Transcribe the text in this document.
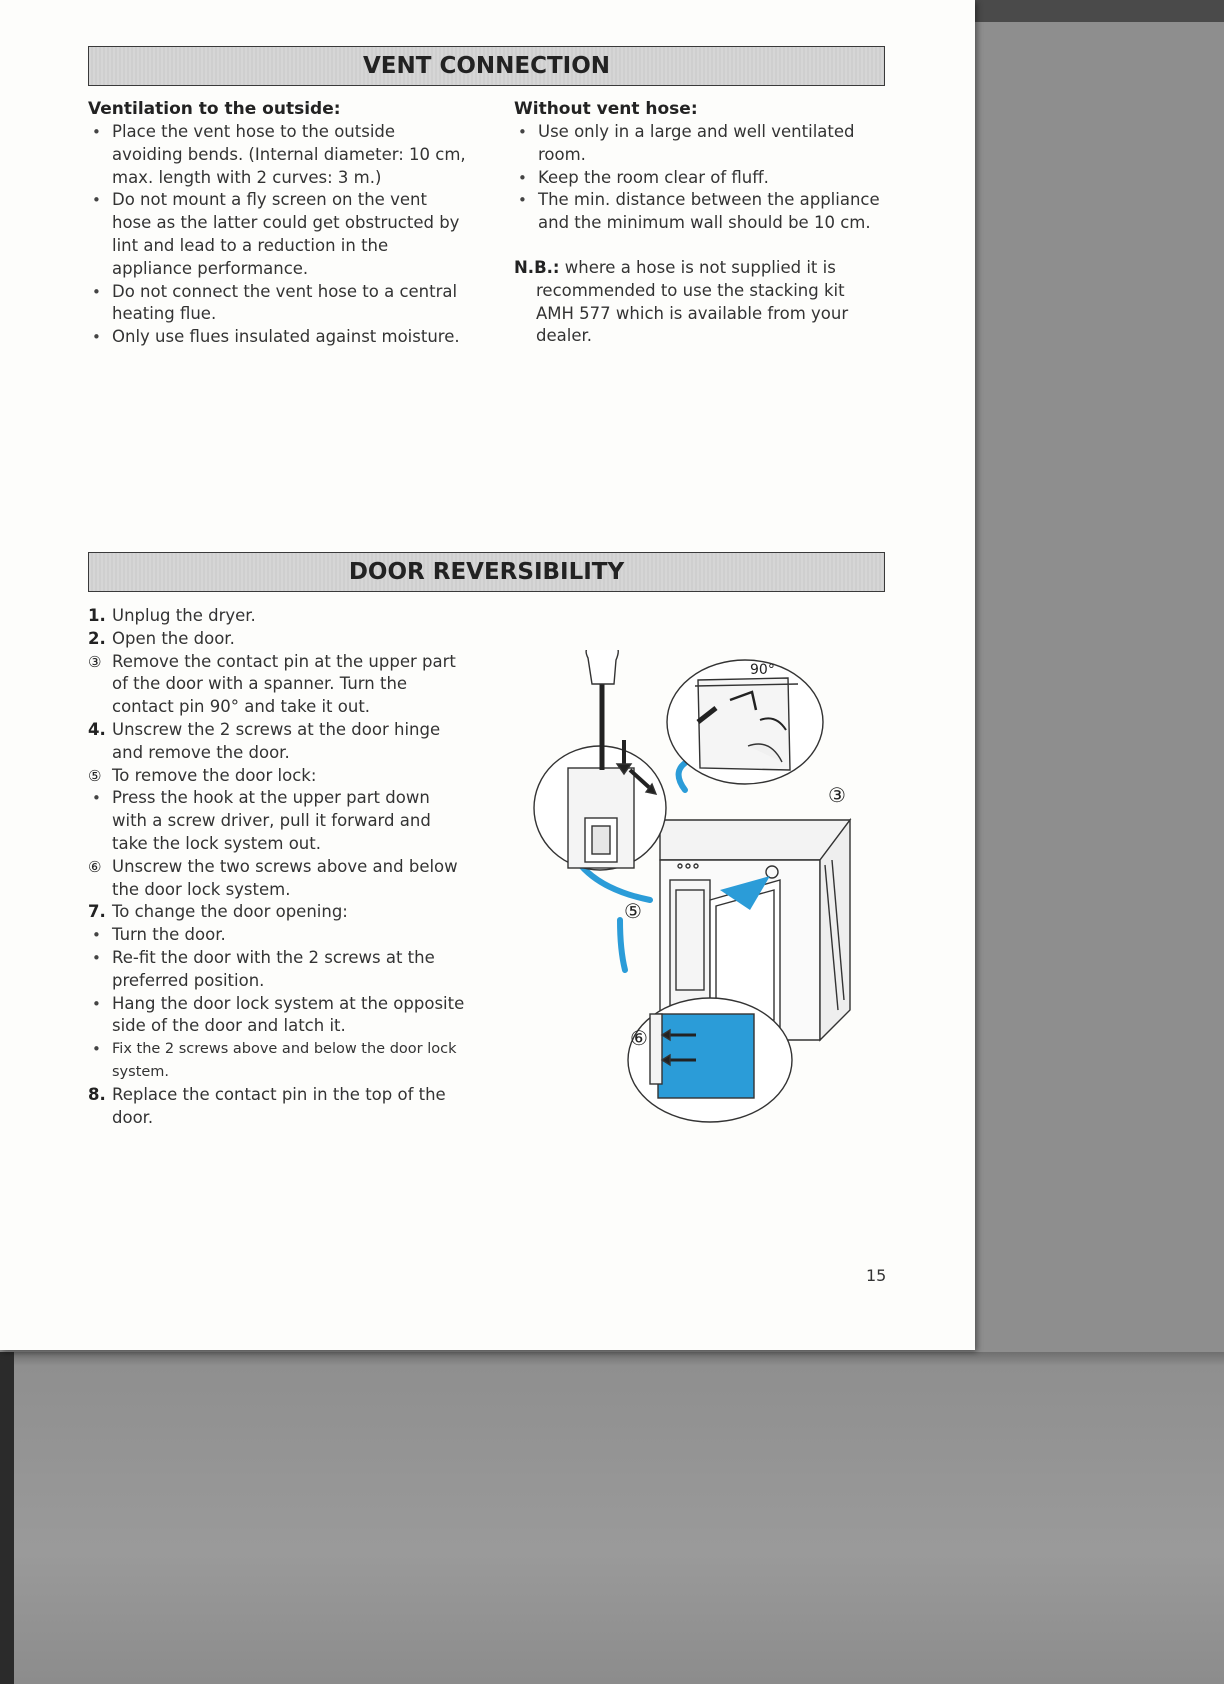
VENT CONNECTION
Ventilation to the outside:
• Place the vent hose to the outside avoiding bends. (Internal diameter: 10 cm, max. length with 2 curves: 3 m.)
• Do not mount a fly screen on the vent hose as the latter could get obstructed by lint and lead to a reduction in the appliance performance.
• Do not connect the vent hose to a central heating flue.
• Only use flues insulated against moisture.
Without vent hose:
• Use only in a large and well ventilated room.
• Keep the room clear of fluff.
• The min. distance between the appliance and the minimum wall should be 10 cm.
N.B.: where a hose is not supplied it is recommended to use the stacking kit AMH 577 which is available from your dealer.
DOOR REVERSIBILITY
1. Unplug the dryer.
2. Open the door.
③ Remove the contact pin at the upper part of the door with a spanner. Turn the contact pin 90° and take it out.
4. Unscrew the 2 screws at the door hinge and remove the door.
⑤ To remove the door lock:
• Press the hook at the upper part down with a screw driver, pull it forward and take the lock system out.
⑥ Unscrew the two screws above and below the door lock system.
7. To change the door opening:
• Turn the door.
• Re-fit the door with the 2 screws at the preferred position.
• Hang the door lock system at the opposite side of the door and latch it.
• Fix the 2 screws above and below the door lock system.
8. Replace the contact pin in the top of the door.
90°
③
⑤
⑥
15
